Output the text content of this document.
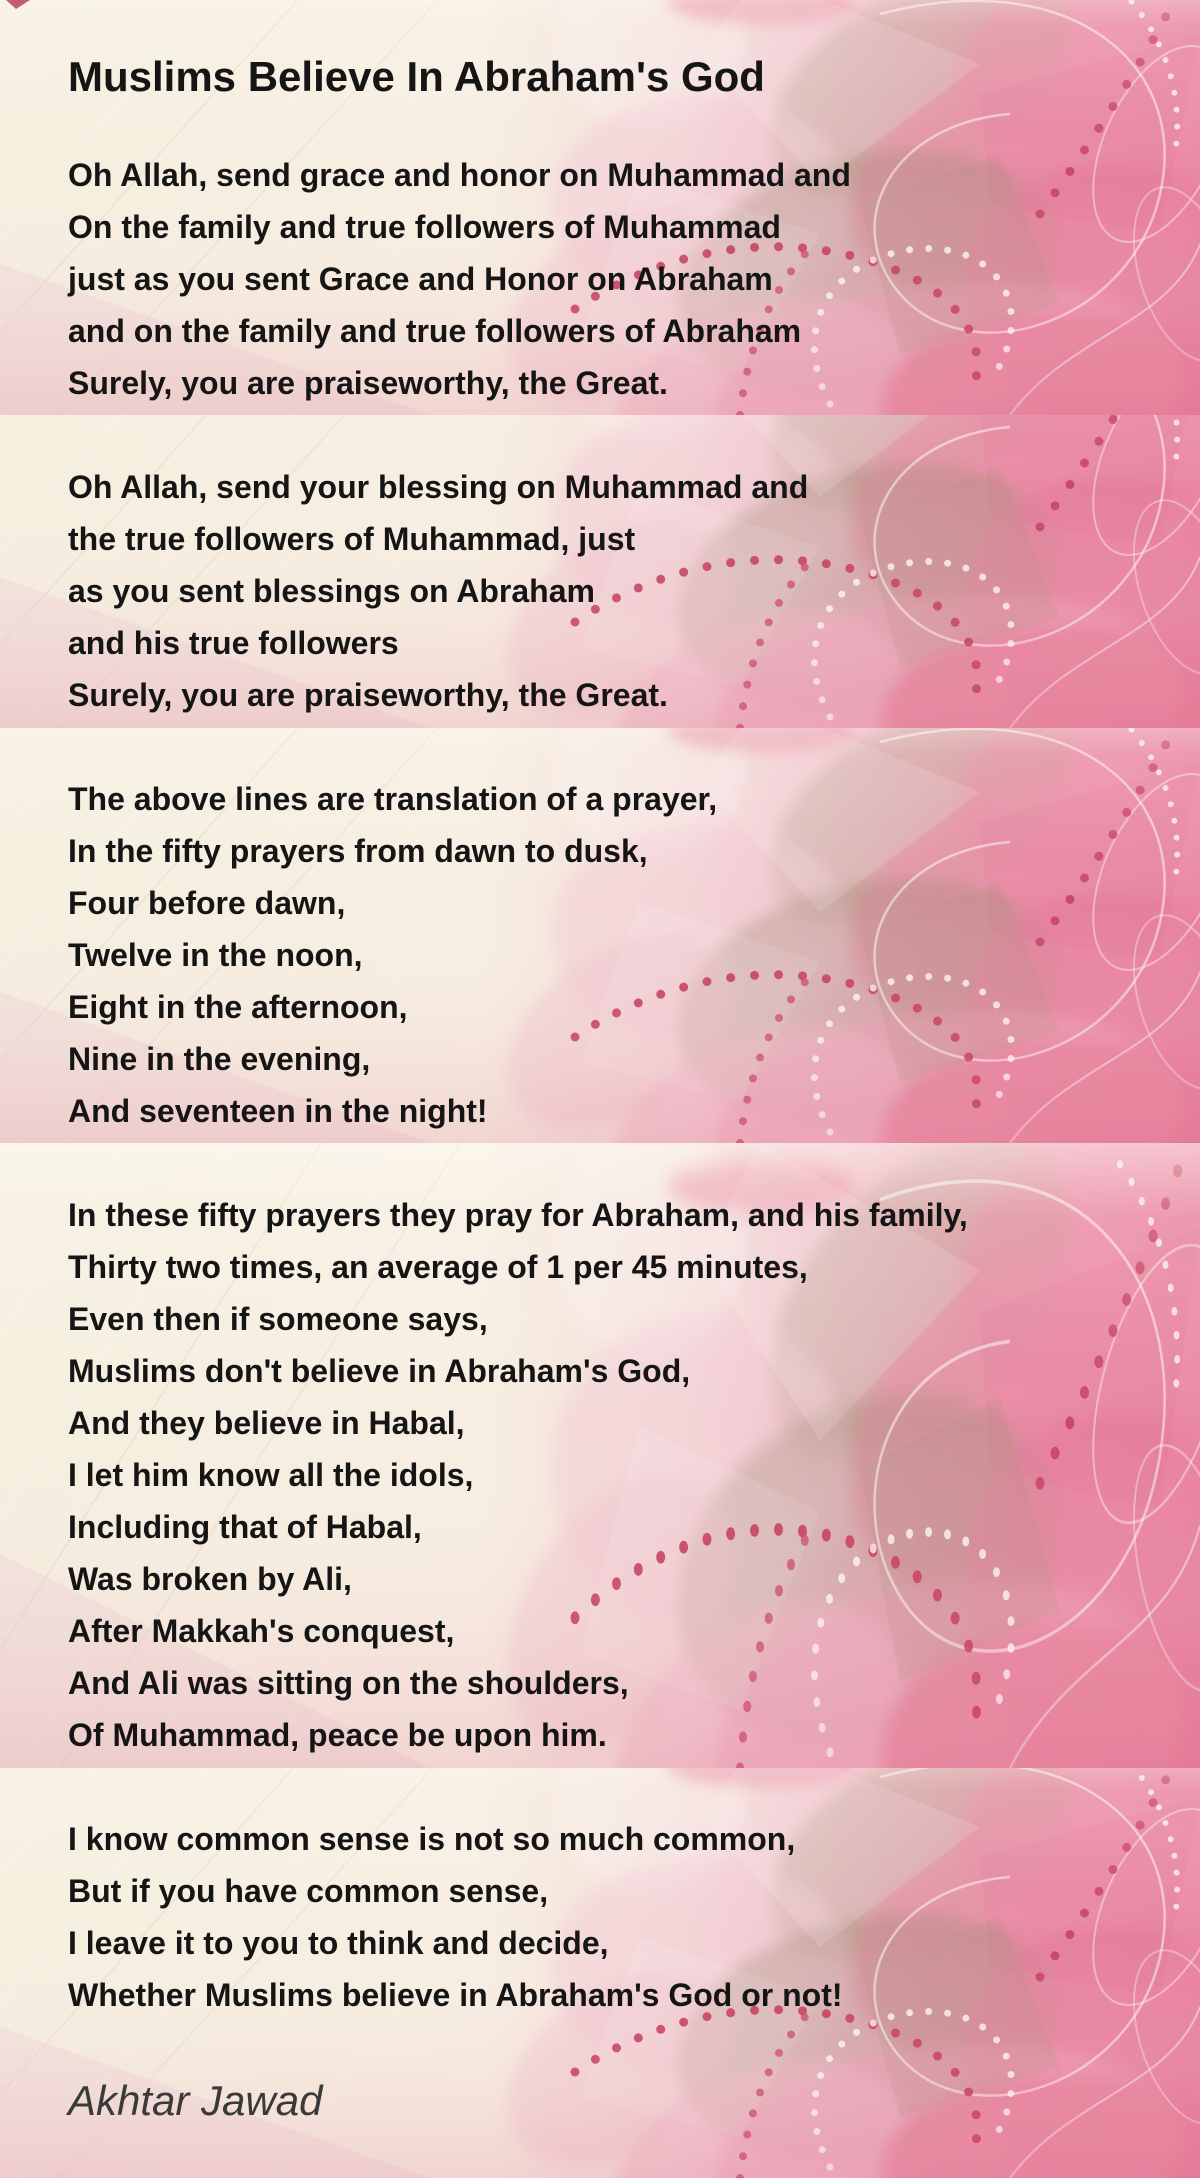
Muslims Believe In Abraham's God
Oh Allah, send grace and honor on Muhammad and
On the family and true followers of Muhammad
just as you sent Grace and Honor on Abraham
and on the family and true followers of Abraham
Surely, you are praiseworthy, the Great.
Oh Allah, send your blessing on Muhammad and
the true followers of Muhammad, just
as you sent blessings on Abraham
and his true followers
Surely, you are praiseworthy, the Great.
The above lines are translation of a prayer,
In the fifty prayers from dawn to dusk,
Four before dawn,
Twelve in the noon,
Eight in the afternoon,
Nine in the evening,
And seventeen in the night!
In these fifty prayers they pray for Abraham, and his family,
Thirty two times, an average of 1 per 45 minutes,
Even then if someone says,
Muslims don't believe in Abraham's God,
And they believe in Habal,
I let him know all the idols,
Including that of Habal,
Was broken by Ali,
After Makkah's conquest,
And Ali was sitting on the shoulders,
Of Muhammad, peace be upon him.
I know common sense is not so much common,
But if you have common sense,
I leave it to you to think and decide,
Whether Muslims believe in Abraham's God or not!
Akhtar Jawad
